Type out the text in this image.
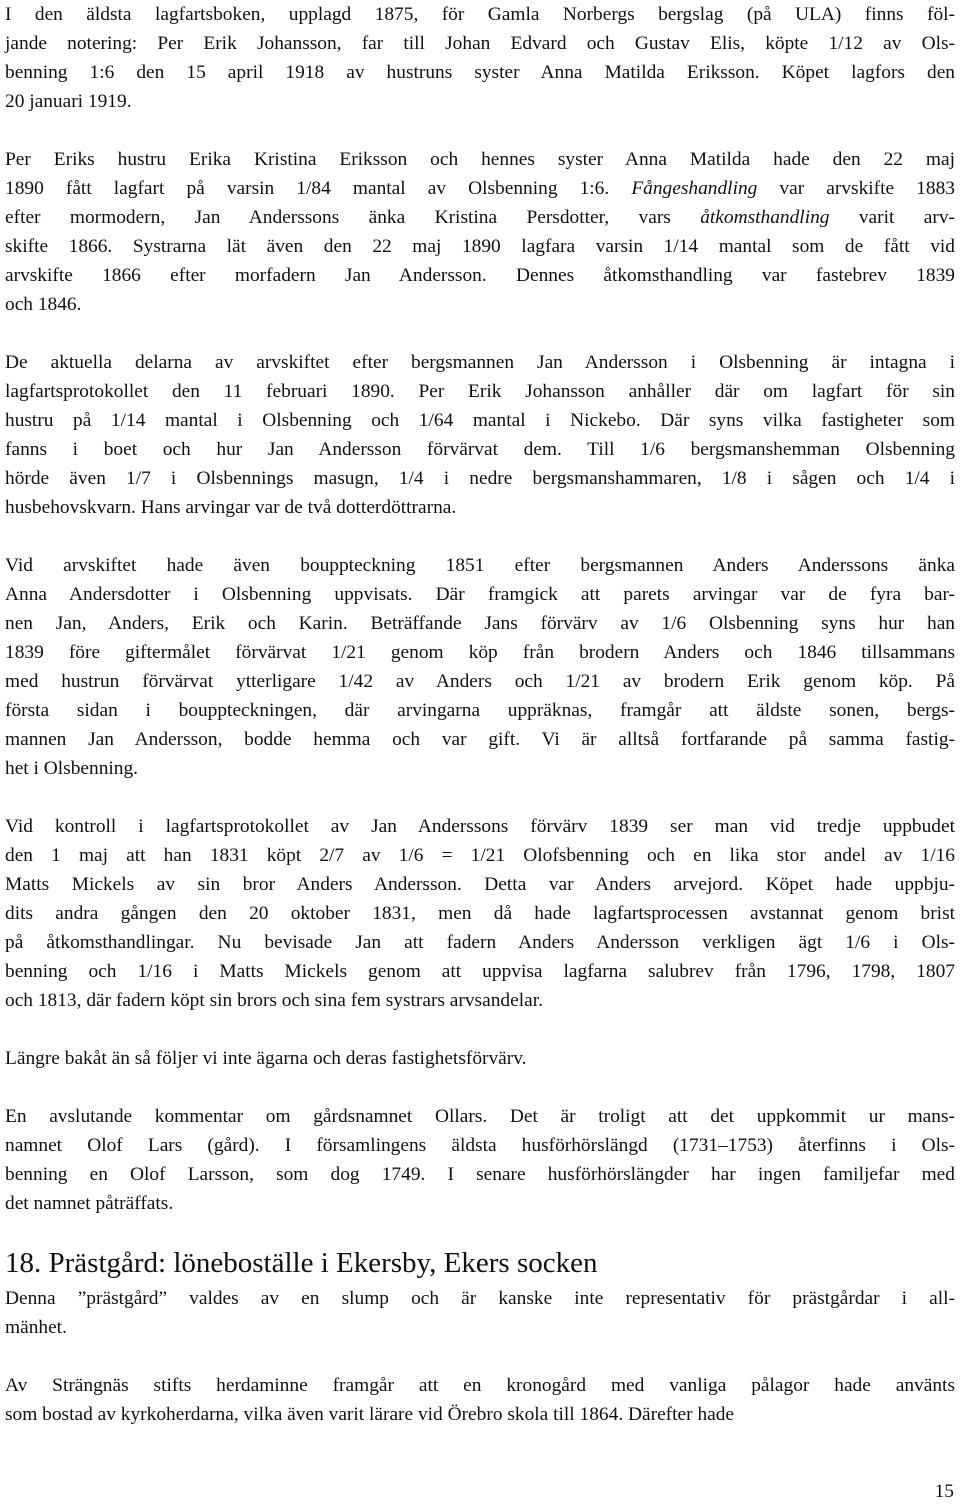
I den äldsta lagfartsboken, upplagd 1875, för Gamla Norbergs bergslag (på ULA) finns föl-
jande notering: Per Erik Johansson, far till Johan Edvard och Gustav Elis, köpte 1/12 av Ols-
benning 1:6 den 15 april 1918 av hustruns syster Anna Matilda Eriksson. Köpet lagfors den
20 januari 1919.

Per Eriks hustru Erika Kristina Eriksson och hennes syster Anna Matilda hade den 22 maj
1890 fått lagfart på varsin 1/84 mantal av Olsbenning 1:6. Fångeshandling var arvskifte 1883
efter mormodern, Jan Anderssons änka Kristina Persdotter, vars åtkomsthandling varit arv-
skifte 1866. Systrarna lät även den 22 maj 1890 lagfara varsin 1/14 mantal som de fått vid
arvskifte 1866 efter morfadern Jan Andersson. Dennes åtkomsthandling var fastebrev 1839
och 1846.

De aktuella delarna av arvskiftet efter bergsmannen Jan Andersson i Olsbenning är intagna i
lagfartsprotokollet den 11 februari 1890. Per Erik Johansson anhåller där om lagfart för sin
hustru på 1/14 mantal i Olsbenning och 1/64 mantal i Nickebo. Där syns vilka fastigheter som
fanns i boet och hur Jan Andersson förvärvat dem. Till 1/6 bergsmanshemman Olsbenning
hörde även 1/7 i Olsbennings masugn, 1/4 i nedre bergsmanshammaren, 1/8 i sågen och 1/4 i
husbehovskvarn. Hans arvingar var de två dotterdöttrarna.

Vid arvskiftet hade även bouppteckning 1851 efter bergsmannen Anders Anderssons änka
Anna Andersdotter i Olsbenning uppvisats. Där framgick att parets arvingar var de fyra bar-
nen Jan, Anders, Erik och Karin. Beträffande Jans förvärv av 1/6 Olsbenning syns hur han
1839 före giftermålet förvärvat 1/21 genom köp från brodern Anders och 1846 tillsammans
med hustrun förvärvat ytterligare 1/42 av Anders och 1/21 av brodern Erik genom köp. På
första sidan i bouppteckningen, där arvingarna uppräknas, framgår att äldste sonen, bergs-
mannen Jan Andersson, bodde hemma och var gift. Vi är alltså fortfarande på samma fastig-
het i Olsbenning.

Vid kontroll i lagfartsprotokollet av Jan Anderssons förvärv 1839 ser man vid tredje uppbudet
den 1 maj att han 1831 köpt 2/7 av 1/6 = 1/21 Olofsbenning och en lika stor andel av 1/16
Matts Mickels av sin bror Anders Andersson. Detta var Anders arvejord. Köpet hade uppbju-
dits andra gången den 20 oktober 1831, men då hade lagfartsprocessen avstannat genom brist
på åtkomsthandlingar. Nu bevisade Jan att fadern Anders Andersson verkligen ägt 1/6 i Ols-
benning och 1/16 i Matts Mickels genom att uppvisa lagfarna salubrev från 1796, 1798, 1807
och 1813, där fadern köpt sin brors och sina fem systrars arvsandelar.

Längre bakåt än så följer vi inte ägarna och deras fastighetsförvärv.

En avslutande kommentar om gårdsnamnet Ollars. Det är troligt att det uppkommit ur mans-
namnet Olof Lars (gård). I församlingens äldsta husförhörslängd (1731–1753) återfinns i Ols-
benning en Olof Larsson, som dog 1749. I senare husförhörslängder har ingen familjefar med
det namnet påträffats.

18. Prästgård: löneboställe i Ekersby, Ekers socken

Denna ”prästgård” valdes av en slump och är kanske inte representativ för prästgårdar i all-
mänhet.

Av Strängnäs stifts herdaminne framgår att en kronogård med vanliga pålagor hade använts
som bostad av kyrkoherdarna, vilka även varit lärare vid Örebro skola till 1864. Därefter hade

15
